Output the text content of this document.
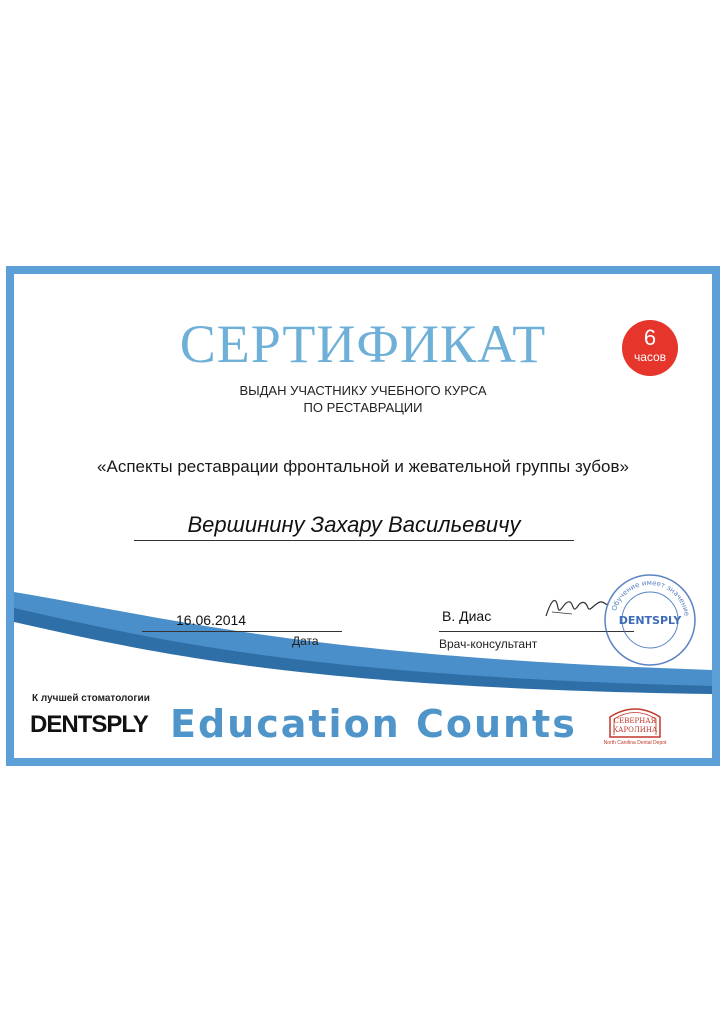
СЕРТИФИКАТ	6
часов
ВЫДАН УЧАСТНИКУ УЧЕБНОГО КУРСА
ПО РЕСТАВРАЦИИ
«Аспекты реставрации фронтальной и жевательной группы зубов»
Вершинину Захару Васильевичу
16.06.2014
Дата
В. Диас
Врач-консультант
Обучение имеет значение
DENTSPLY
К лучшей стоматологии
DENTSPLY Education Counts	СЕВЕРНАЯ
КАРОЛИНА
North Carolina Dental Depot
